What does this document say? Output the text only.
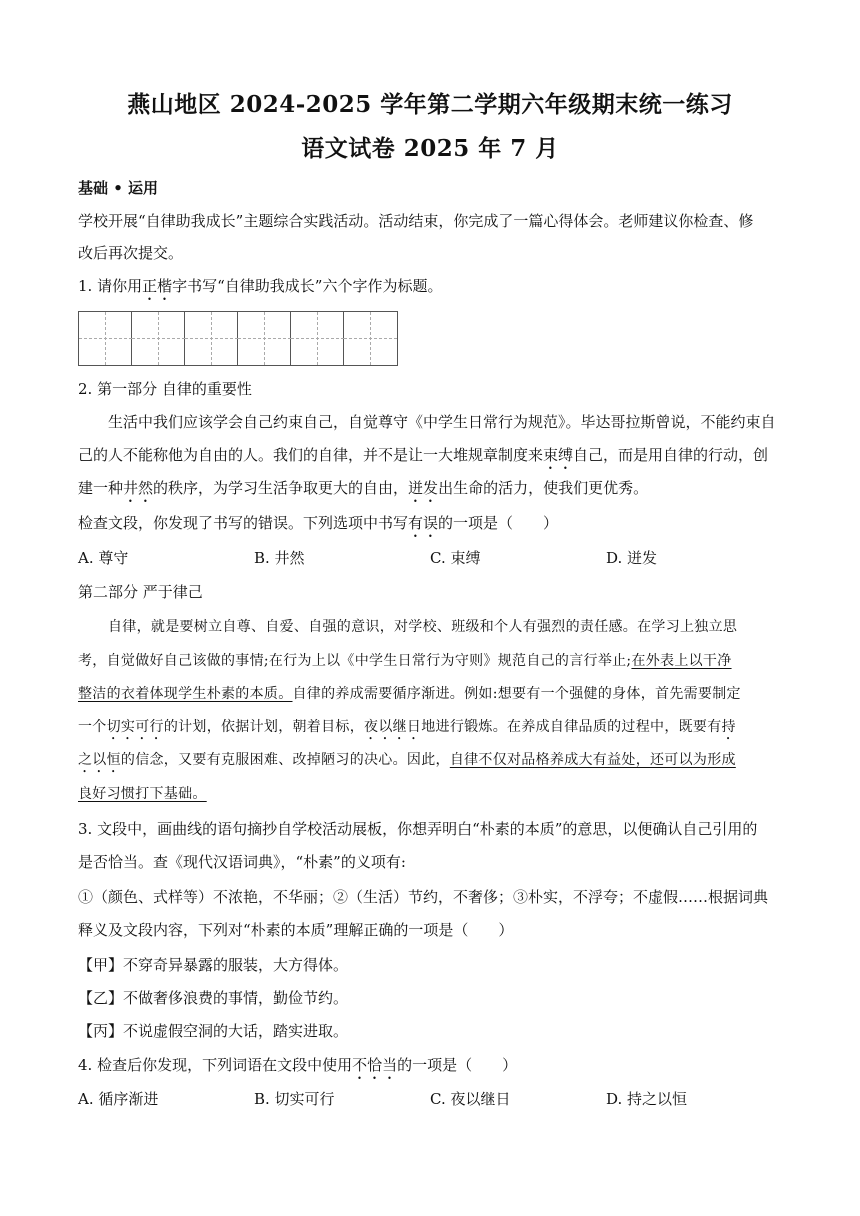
燕山地区 2024-2025 学年第二学期六年级期末统一练习
语文试卷 2025 年 7 月
基础 • 运用
学校开展“自律助我成长”主题综合实践活动。活动结束，你完成了一篇心得体会。老师建议你检查、修
改后再次提交。
1. 请你用正楷字书写“自律助我成长”六个字作为标题。
2. 第一部分 自律的重要性
生活中我们应该学会自己约束自己，自觉尊守《中学生日常行为规范》。毕达哥拉斯曾说，不能约束自
己的人不能称他为自由的人。我们的自律，并不是让一大堆规章制度来束缚自己，而是用自律的行动，创
建一种井然的秩序，为学习生活争取更大的自由，迸发出生命的活力，使我们更优秀。
检查文段，你发现了书写的错误。下列选项中书写有误的一项是（　　）
A. 尊守	B. 井然	C. 束缚	D. 迸发
第二部分 严于律己
自律，就是要树立自尊、自爱、自强的意识，对学校、班级和个人有强烈的责任感。在学习上独立思
考，自觉做好自己该做的事情;在行为上以《中学生日常行为守则》规范自己的言行举止;在外表上以干净
整洁的衣着体现学生朴素的本质。自律的养成需要循序渐进。例如:想要有一个强健的身体，首先需要制定
一个切实可行的计划，依据计划，朝着目标，夜以继日地进行锻炼。在养成自律品质的过程中，既要有持
之以恒的信念，又要有克服困难、改掉陋习的决心。因此，自律不仅对品格养成大有益处，还可以为形成
良好习惯打下基础。
3. 文段中，画曲线的语句摘抄自学校活动展板，你想弄明白“朴素的本质”的意思，以便确认自己引用的
是否恰当。查《现代汉语词典》，“朴素”的义项有:
①（颜色、式样等）不浓艳，不华丽；②（生活）节约，不奢侈；③朴实，不浮夸；不虚假……根据词典
释义及文段内容，下列对“朴素的本质”理解正确的一项是（　　）
【甲】不穿奇异暴露的服装，大方得体。
【乙】不做奢侈浪费的事情，勤俭节约。
【丙】不说虚假空洞的大话，踏实进取。
4. 检查后你发现，下列词语在文段中使用不恰当的一项是（　　）
A. 循序渐进	B. 切实可行	C. 夜以继日	D. 持之以恒
